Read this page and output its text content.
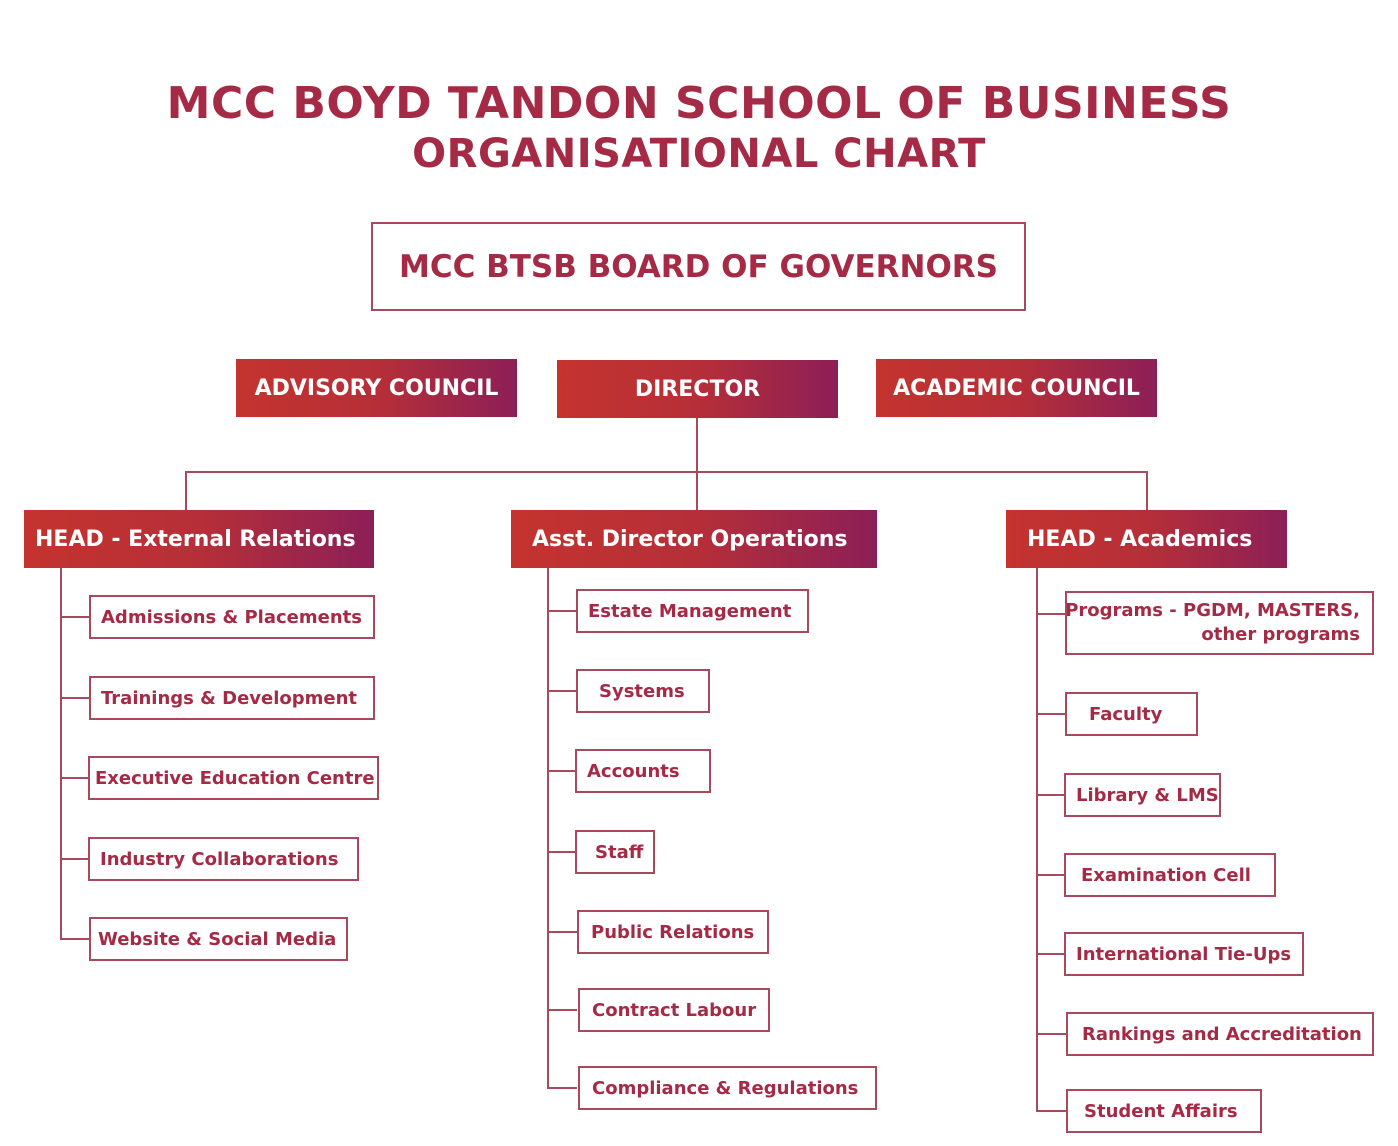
MCC BOYD TANDON SCHOOL OF BUSINESS
ORGANISATIONAL CHART
MCC BTSB BOARD OF GOVERNORS
ADVISORY COUNCIL	DIRECTOR	ACADEMIC COUNCIL
HEAD - External Relations	Asst. Director Operations	HEAD - Academics
Admissions & Placements
Trainings & Development
Executive Education Centre
Industry Collaborations
Website & Social Media
Estate Management
Systems
Accounts
Staff
Public Relations
Contract Labour
Compliance & Regulations
Programs - PGDM, MASTERS,
other programs
Faculty
Library & LMS
Examination Cell
International Tie-Ups
Rankings and Accreditation
Student Affairs
